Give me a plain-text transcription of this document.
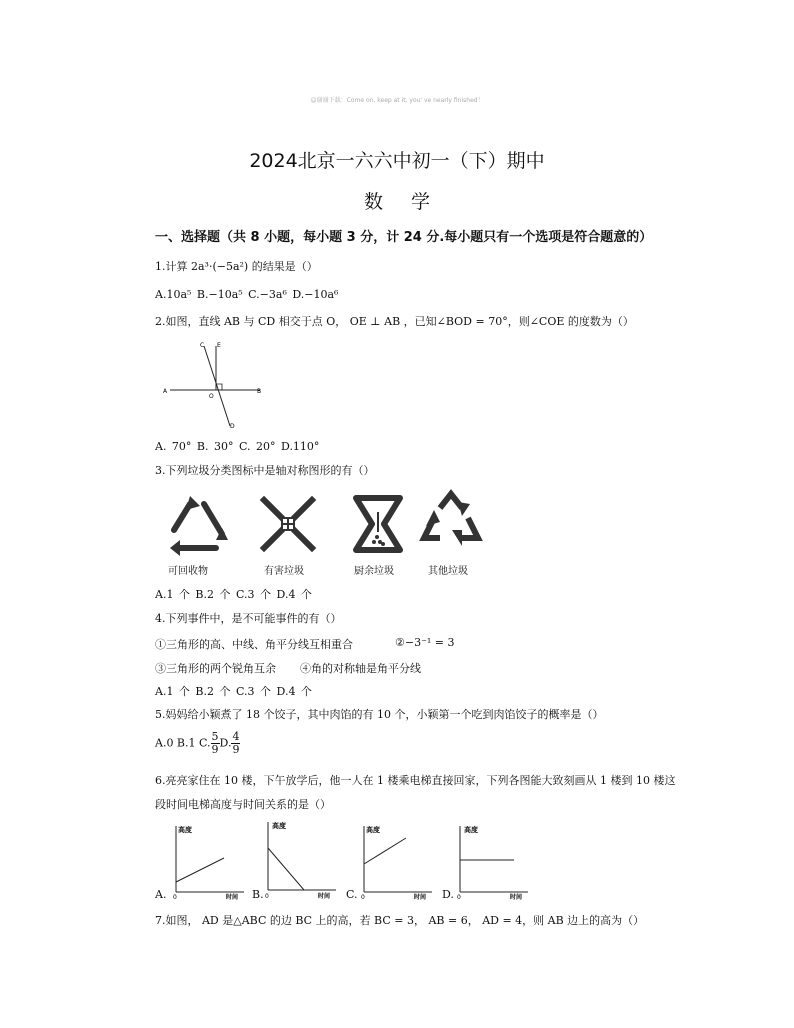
☺谢谢下载：Come on, keep at it, you' ve nearly finished！
2024北京一六六中初一（下）期中
数学
一、选择题（共 8 小题，每小题 3 分，计 24 分.每小题只有一个选项是符合题意的）
1.计算 2a³·(−5a²) 的结果是（）
A.10a⁵ B.−10a⁵ C.−3a⁶ D.−10a⁶
2.如图，直线 AB 与 CD 相交于点 O， OE ⊥ AB ，已知∠BOD = 70°，则∠COE 的度数为（）
C E
A	B
O
D
A. 70° B. 30° C. 20° D.110°
3.下列垃圾分类图标中是轴对称图形的有（）
可回收物	有害垃圾	厨余垃圾	其他垃圾
A.1 个 B.2 个 C.3 个 D.4 个
4.下列事件中，是不可能事件的有（）
①三角形的高、中线、角平分线互相重合	②−3⁻¹ = 3
③三角形的两个锐角互余 ④角的对称轴是角平分线
A.1 个 B.2 个 C.3 个 D.4 个
5.妈妈给小颖煮了 18 个饺子，其中肉馅的有 10 个，小颖第一个吃到肉馅饺子的概率是（）
A.0 B.1 C. $\frac{5}{9} D$. $\frac{4}{9}$
6.亮亮家住在 10 楼，下午放学后，他一人在 1 楼乘电梯直接回家，下列各图能大致刻画从 1 楼到 10 楼这
段时间电梯高度与时间关系的是（）
A.
高度
时间
0	B.
高度
时间
0	C.
高度
时间
0	D.
高度
时间
0
7.如图， AD 是△ABC 的边 BC 上的高，若 BC = 3， AB = 6， AD = 4，则 AB 边上的高为（）
